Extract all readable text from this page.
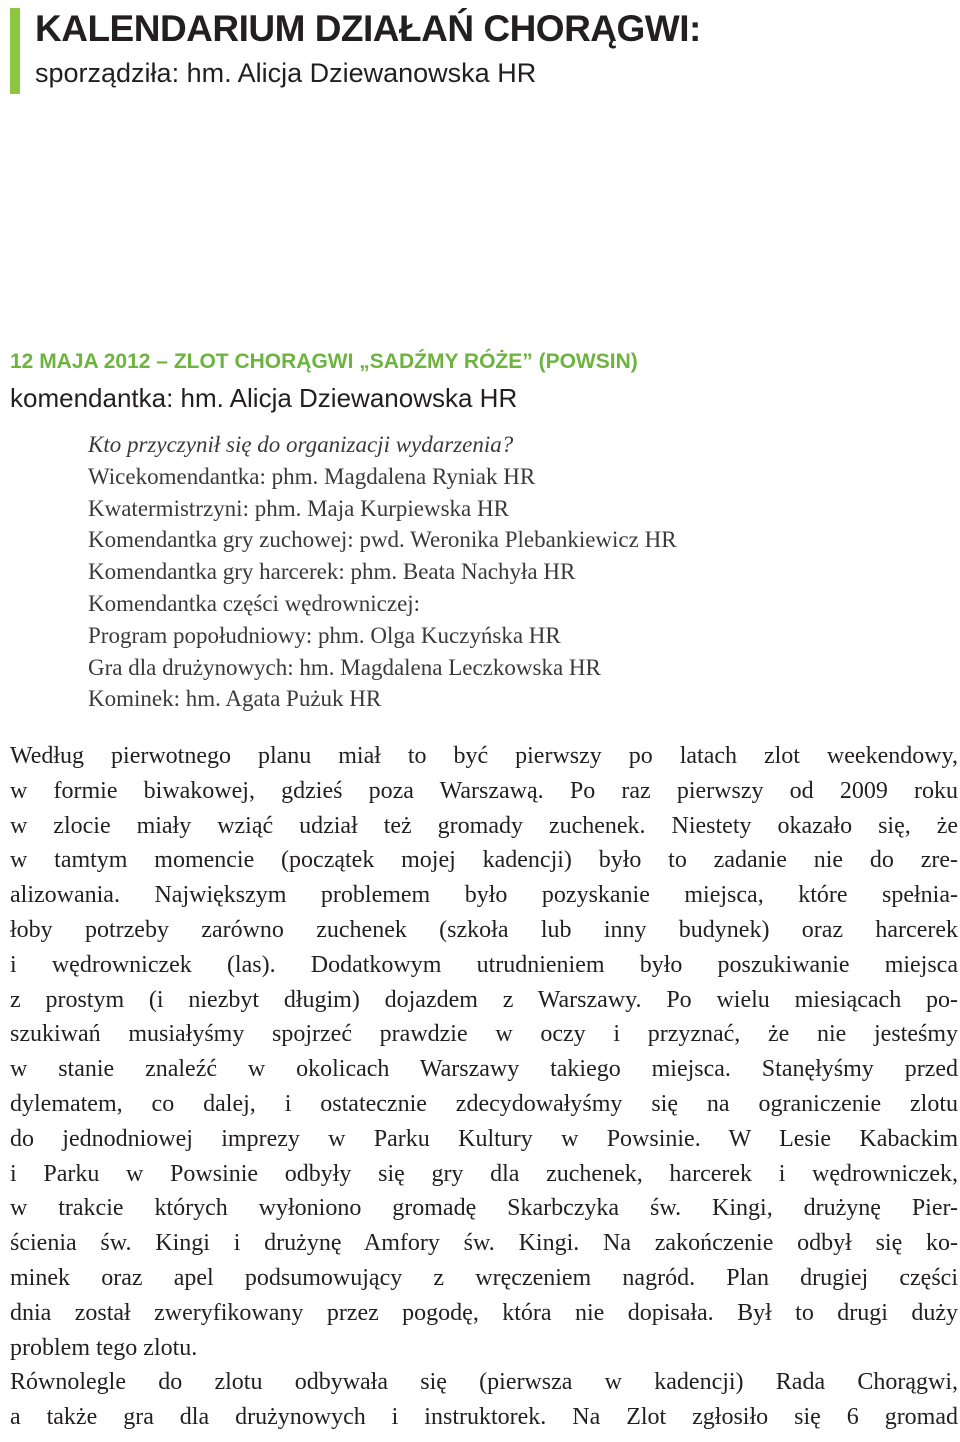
KALENDARIUM DZIAŁAŃ CHORĄGWI:
sporządziła: hm. Alicja Dziewanowska HR
12 MAJA 2012 – ZLOT CHORĄGWI „SADŹMY RÓŻE” (POWSIN)
komendantka: hm. Alicja Dziewanowska HR
Kto przyczynił się do organizacji wydarzenia?
Wicekomendantka: phm. Magdalena Ryniak HR
Kwatermistrzyni: phm. Maja Kurpiewska HR
Komendantka gry zuchowej: pwd. Weronika Plebankiewicz HR
Komendantka gry harcerek: phm. Beata Nachyła HR
Komendantka części wędrowniczej:
Program popołudniowy: phm. Olga Kuczyńska HR
Gra dla drużynowych: hm. Magdalena Leczkowska HR
Kominek: hm. Agata Pużuk HR

Według pierwotnego planu miał to być pierwszy po latach zlot weekendowy,
w formie biwakowej, gdzieś poza Warszawą. Po raz pierwszy od 2009 roku
w zlocie miały wziąć udział też gromady zuchenek. Niestety okazało się, że
w tamtym momencie (początek mojej kadencji) było to zadanie nie do zre-
alizowania. Największym problemem było pozyskanie miejsca, które spełnia-
łoby potrzeby zarówno zuchenek (szkoła lub inny budynek) oraz harcerek
i wędrowniczek (las). Dodatkowym utrudnieniem było poszukiwanie miejsca
z prostym (i niezbyt długim) dojazdem z Warszawy. Po wielu miesiącach po-
szukiwań musiałyśmy spojrzeć prawdzie w oczy i przyznać, że nie jesteśmy
w stanie znaleźć w okolicach Warszawy takiego miejsca. Stanęłyśmy przed
dylematem, co dalej, i ostatecznie zdecydowałyśmy się na ograniczenie zlotu
do jednodniowej imprezy w Parku Kultury w Powsinie. W Lesie Kabackim
i Parku w Powsinie odbyły się gry dla zuchenek, harcerek i wędrowniczek,
w trakcie których wyłoniono gromadę Skarbczyka św. Kingi, drużynę Pier-
ścienia św. Kingi i drużynę Amfory św. Kingi. Na zakończenie odbył się ko-
minek oraz apel podsumowujący z wręczeniem nagród. Plan drugiej części
dnia został zweryfikowany przez pogodę, która nie dopisała. Był to drugi duży
problem tego zlotu.

Równolegle do zlotu odbywała się (pierwsza w kadencji) Rada Chorągwi,
a także gra dla drużynowych i instruktorek. Na Zlot zgłosiło się 6 gromad
